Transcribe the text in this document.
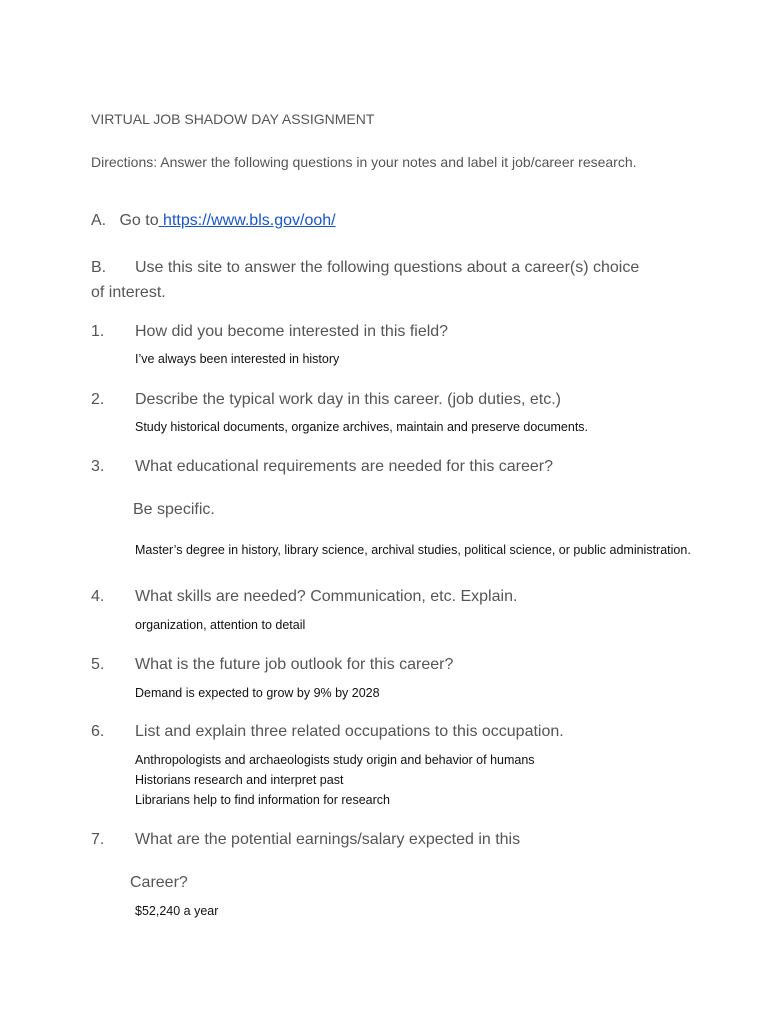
VIRTUAL JOB SHADOW DAY ASSIGNMENT

Directions: Answer the following questions in your notes and label it job/career research.

A. Go to https://www.bls.gov/ooh/

B. Use this site to answer the following questions about a career(s) choice of interest.

1. How did you become interested in this field?
I’ve always been interested in history
2. Describe the typical work day in this career. (job duties, etc.)
Study historical documents, organize archives, maintain and preserve documents.
3. What educational requirements are needed for this career?
Be specific.

Master’s degree in history, library science, archival studies, political science, or public administration.

4. What skills are needed? Communication, etc. Explain.
organization, attention to detail
5. What is the future job outlook for this career?
Demand is expected to grow by 9% by 2028
6. List and explain three related occupations to this occupation.
Anthropologists and archaeologists study origin and behavior of humans
Historians research and interpret past
Librarians help to find information for research
7. What are the potential earnings/salary expected in this
Career?
$52,240 a year
